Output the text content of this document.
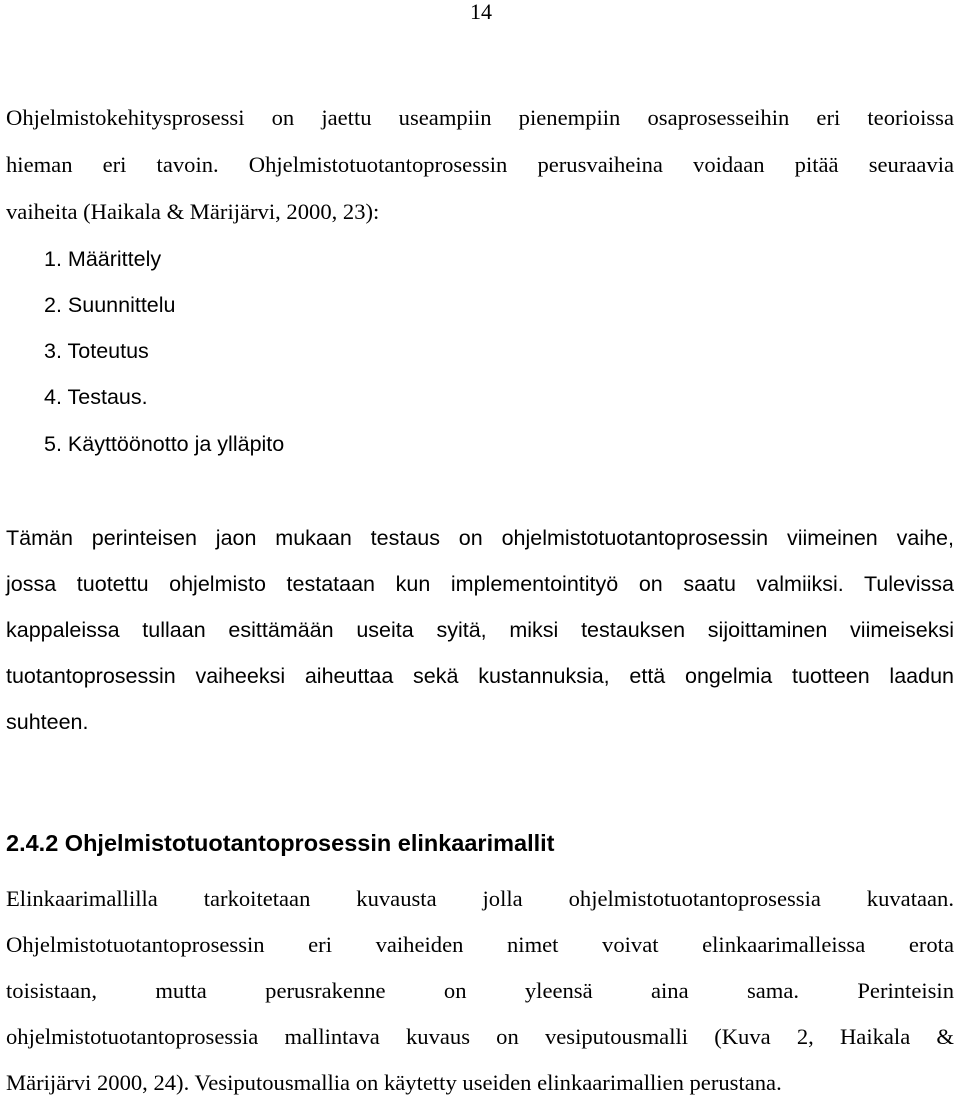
14
Ohjelmistokehitysprosessi on jaettu useampiin pienempiin osaprosesseihin eri teorioissa
hieman eri tavoin. Ohjelmistotuotantoprosessin perusvaiheina voidaan pitää seuraavia
vaiheita (Haikala & Märijärvi, 2000, 23):
1. Määrittely
2. Suunnittelu
3. Toteutus
4. Testaus.
5. Käyttöönotto ja ylläpito
Tämän perinteisen jaon mukaan testaus on ohjelmistotuotantoprosessin viimeinen vaihe,
jossa tuotettu ohjelmisto testataan kun implementointityö on saatu valmiiksi. Tulevissa
kappaleissa tullaan esittämään useita syitä, miksi testauksen sijoittaminen viimeiseksi
tuotantoprosessin vaiheeksi aiheuttaa sekä kustannuksia, että ongelmia tuotteen laadun
suhteen.
2.4.2 Ohjelmistotuotantoprosessin elinkaarimallit
Elinkaarimallilla tarkoitetaan kuvausta jolla ohjelmistotuotantoprosessia kuvataan.
Ohjelmistotuotantoprosessin eri vaiheiden nimet voivat elinkaarimalleissa erota
toisistaan, mutta perusrakenne on yleensä aina sama. Perinteisin
ohjelmistotuotantoprosessia mallintava kuvaus on vesiputousmalli (Kuva 2, Haikala &
Märijärvi 2000, 24). Vesiputousmallia on käytetty useiden elinkaarimallien perustana.
